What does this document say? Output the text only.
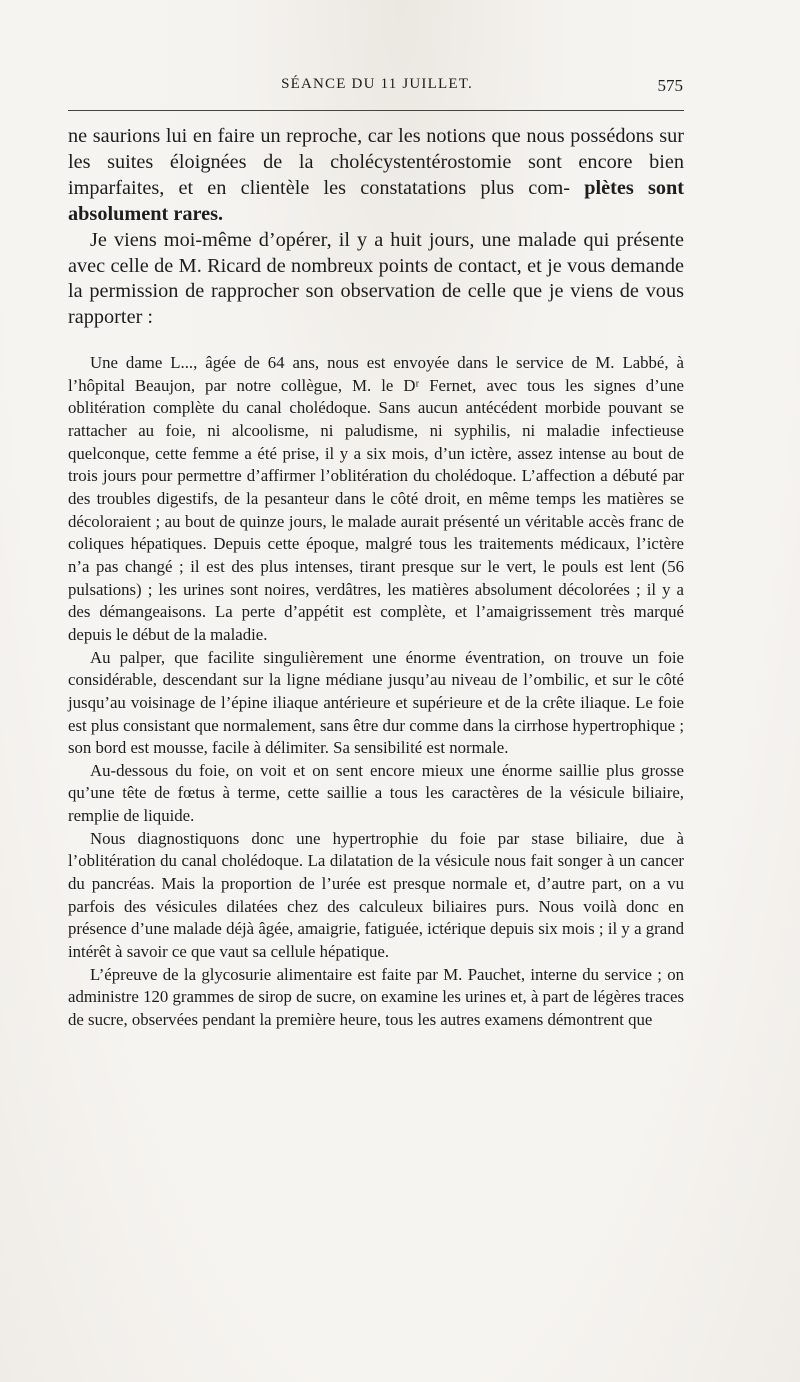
SÉANCE DU 11 JUILLET.	575

ne saurions lui en faire un reproche, car les notions que nous possédons sur les suites éloignées de la cholécystentérostomie sont encore bien imparfaites, et en clientèle les constatations plus com- plètes sont absolument rares.

Je viens moi-même d’opérer, il y a huit jours, une malade qui présente avec celle de M. Ricard de nombreux points de contact, et je vous demande la permission de rapprocher son observation de celle que je viens de vous rapporter :

Une dame L..., âgée de 64 ans, nous est envoyée dans le service de M. Labbé, à l’hôpital Beaujon, par notre collègue, M. le Dʳ Fernet, avec tous les signes d’une oblitération complète du canal cholédoque. Sans aucun antécédent morbide pouvant se rattacher au foie, ni alcoolisme, ni paludisme, ni syphilis, ni maladie infectieuse quelconque, cette femme a été prise, il y a six mois, d’un ictère, assez intense au bout de trois jours pour permettre d’affirmer l’oblitération du cholédoque. L’affection a débuté par des troubles digestifs, de la pesanteur dans le côté droit, en même temps les matières se décoloraient ; au bout de quinze jours, le malade aurait présenté un véritable accès franc de coliques hépatiques. Depuis cette époque, malgré tous les traitements médicaux, l’ictère n’a pas changé ; il est des plus intenses, tirant presque sur le vert, le pouls est lent (56 pulsations) ; les urines sont noires, verdâtres, les matières absolument décolorées ; il y a des démangeaisons. La perte d’appétit est complète, et l’amaigrissement très marqué depuis le début de la maladie.

Au palper, que facilite singulièrement une énorme éventration, on trouve un foie considérable, descendant sur la ligne médiane jusqu’au niveau de l’ombilic, et sur le côté jusqu’au voisinage de l’épine iliaque antérieure et supérieure et de la crête iliaque. Le foie est plus consistant que normalement, sans être dur comme dans la cirrhose hypertrophique ; son bord est mousse, facile à délimiter. Sa sensibilité est normale.

Au-dessous du foie, on voit et on sent encore mieux une énorme saillie plus grosse qu’une tête de fœtus à terme, cette saillie a tous les caractères de la vésicule biliaire, remplie de liquide.

Nous diagnostiquons donc une hypertrophie du foie par stase biliaire, due à l’oblitération du canal cholédoque. La dilatation de la vésicule nous fait songer à un cancer du pancréas. Mais la proportion de l’urée est presque normale et, d’autre part, on a vu parfois des vésicules dilatées chez des calculeux biliaires purs. Nous voilà donc en présence d’une malade déjà âgée, amaigrie, fatiguée, ictérique depuis six mois ; il y a grand intérêt à savoir ce que vaut sa cellule hépatique.

L’épreuve de la glycosurie alimentaire est faite par M. Pauchet, interne du service ; on administre 120 grammes de sirop de sucre, on examine les urines et, à part de légères traces de sucre, observées pendant la première heure, tous les autres examens démontrent que
